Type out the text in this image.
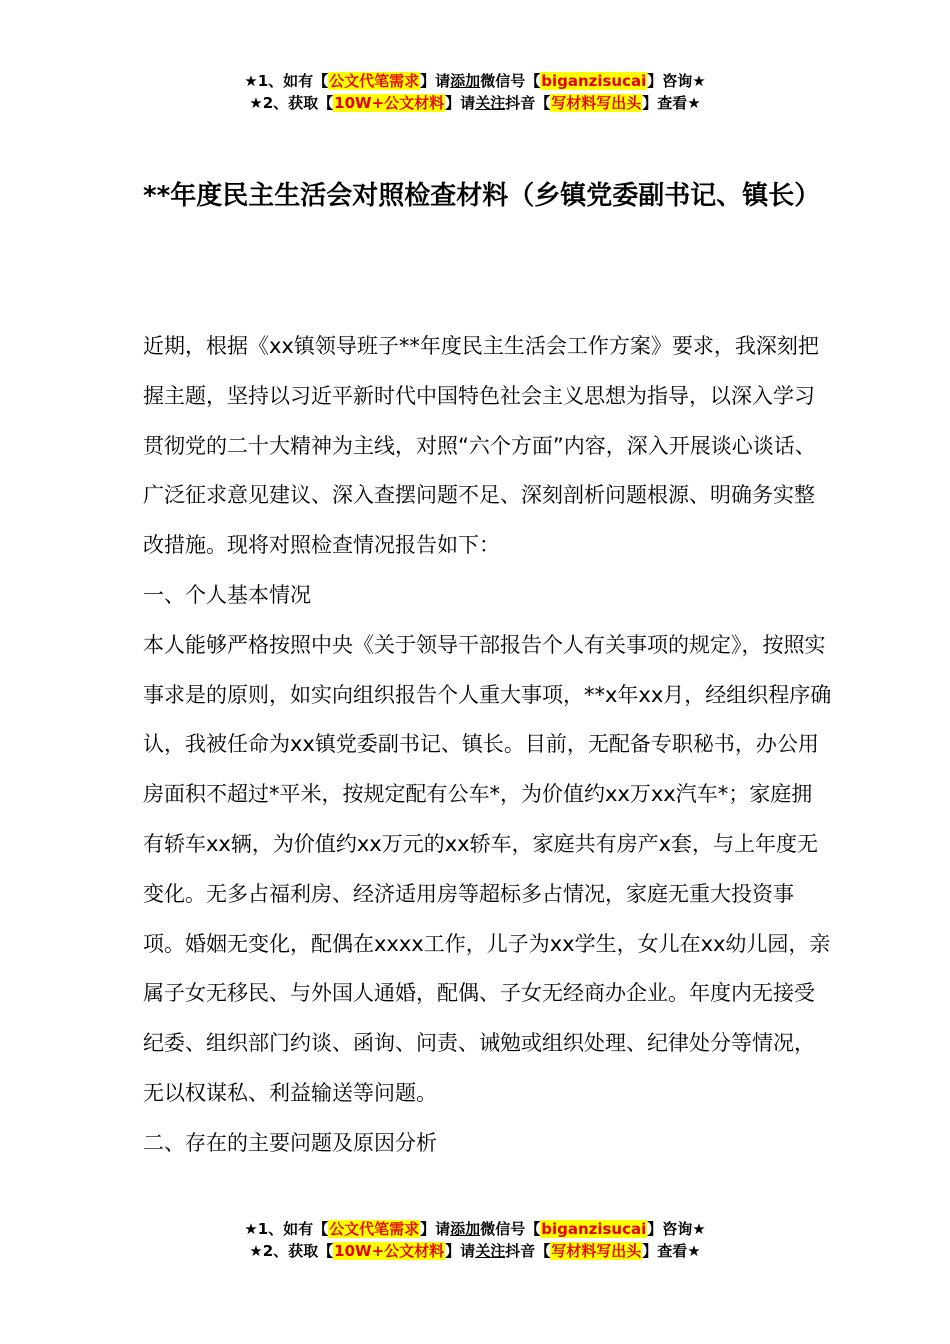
★1、如有【公文代笔需求】请添加微信号【biganzisucai】咨询★
★2、获取【10W+公文材料】请关注抖音【写材料写出头】查看★
**年度民主生活会对照检查材料（乡镇党委副书记、镇长）

近期，根据《xx镇领导班子**年度民主生活会工作方案》要求，我深刻把握主题，坚持以习近平新时代中国特色社会主义思想为指导，以深入学习贯彻党的二十大精神为主线，对照“六个方面”内容，深入开展谈心谈话、广泛征求意见建议、深入查摆问题不足、深刻剖析问题根源、明确务实整改措施。现将对照检查情况报告如下：

一、个人基本情况

本人能够严格按照中央《关于领导干部报告个人有关事项的规定》，按照实事求是的原则，如实向组织报告个人重大事项，**x年xx月，经组织程序确认，我被任命为xx镇党委副书记、镇长。目前，无配备专职秘书，办公用房面积不超过*平米，按规定配有公车*，为价值约xx万xx汽车*；家庭拥有轿车xx辆，为价值约xx万元的xx轿车，家庭共有房产x套，与上年度无变化。无多占福利房、经济适用房等超标多占情况，家庭无重大投资事项。婚姻无变化，配偶在xxxx工作，儿子为xx学生，女儿在xx幼儿园，亲属子女无移民、与外国人通婚，配偶、子女无经商办企业。年度内无接受纪委、组织部门约谈、函询、问责、诫勉或组织处理、纪律处分等情况，无以权谋私、利益输送等问题。

二、存在的主要问题及原因分析

★1、如有【公文代笔需求】请添加微信号【biganzisucai】咨询★
★2、获取【10W+公文材料】请关注抖音【写材料写出头】查看★
